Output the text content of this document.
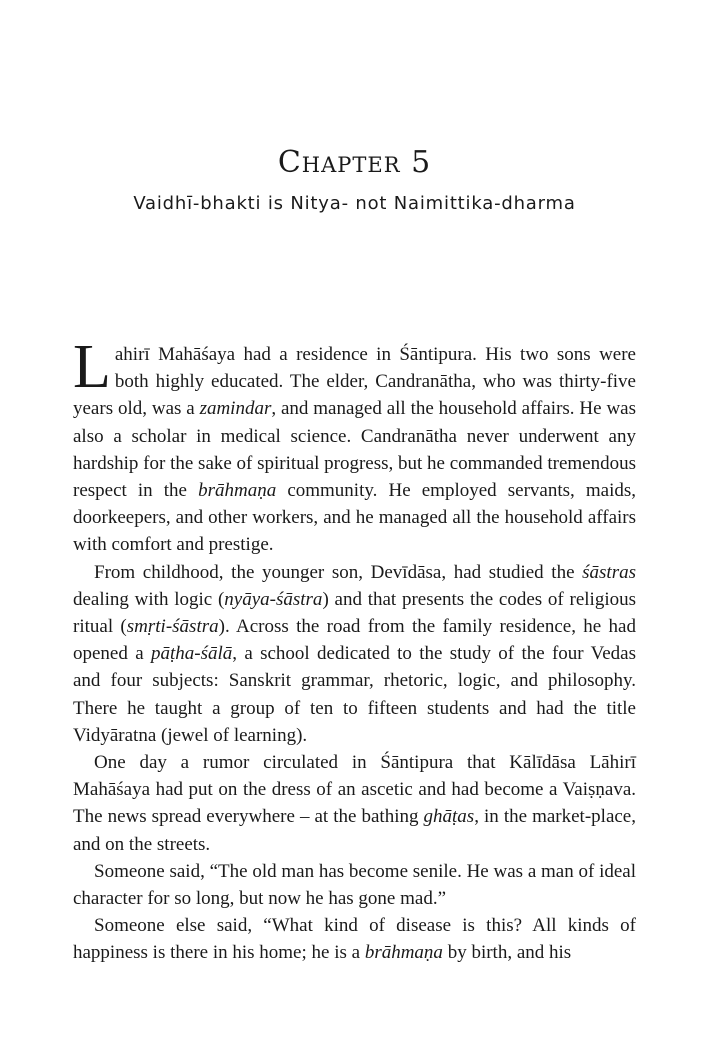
Chapter 5
Vaidhī-bhakti is Nitya- not Naimittika-dharma

Lahirī Mahāśaya had a residence in Śāntipura. His two sons were both highly educated. The elder, Candranātha, who was thirty-five years old, was a zamindar, and managed all the household affairs. He was also a scholar in medical science. Candranātha never underwent any hardship for the sake of spiritual progress, but he commanded tremendous respect in the brāhmaṇa community. He employed servants, maids, doorkeepers, and other workers, and he managed all the household affairs with comfort and prestige.

From childhood, the younger son, Devīdāsa, had studied the śāstras dealing with logic (nyāya-śāstra) and that presents the codes of religious ritual (smṛti-śāstra). Across the road from the family residence, he had opened a pāṭha-śālā, a school dedicated to the study of the four Vedas and four subjects: Sanskrit grammar, rhetoric, logic, and philosophy. There he taught a group of ten to fifteen students and had the title Vidyāratna (jewel of learning).

One day a rumor circulated in Śāntipura that Kālīdāsa Lāhirī Mahāśaya had put on the dress of an ascetic and had become a Vaiṣṇava. The news spread everywhere – at the bathing ghāṭas, in the market-place, and on the streets.

Someone said, “The old man has become senile. He was a man of ideal character for so long, but now he has gone mad.”

Someone else said, “What kind of disease is this? All kinds of happiness is there in his home; he is a brāhmaṇa by birth, and his
